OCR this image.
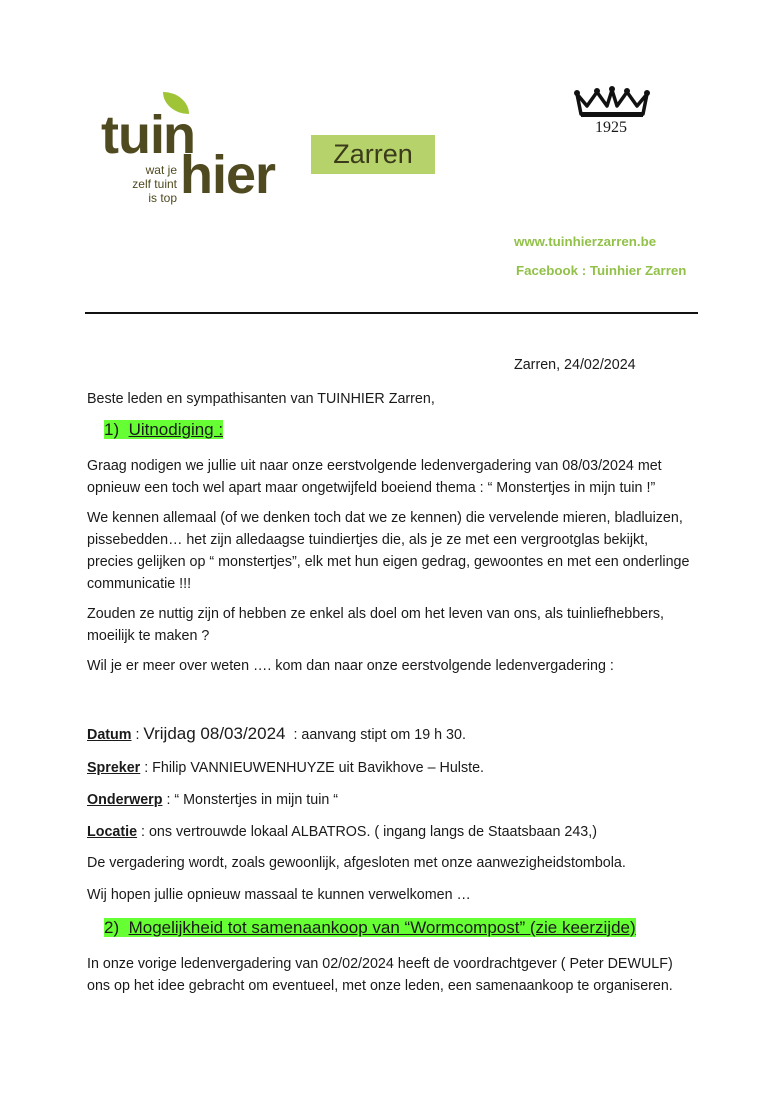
tui n
hier
wat je
zelf tuint
is top
Zarren
1925
www.tuinhierzarren.be
Facebook : Tuinhier Zarren
Zarren, 24/02/2024
Beste leden en sympathisanten van TUINHIER Zarren,
1) Uitnodiging :
Graag nodigen we jullie uit naar onze eerstvolgende ledenvergadering van 08/03/2024 met opnieuw een toch wel apart maar ongetwijfeld boeiend thema : “ Monstertjes in mijn tuin !”
We kennen allemaal (of we denken toch dat we ze kennen) die vervelende mieren, bladluizen, pissebedden… het zijn alledaagse tuindiertjes die, als je ze met een vergrootglas bekijkt, precies gelijken op “ monstertjes”, elk met hun eigen gedrag, gewoontes en met een onderlinge communicatie !!!
Zouden ze nuttig zijn of hebben ze enkel als doel om het leven van ons, als tuinliefhebbers, moeilijk te maken ?
Wil je er meer over weten …. kom dan naar onze eerstvolgende ledenvergadering :
Datum : Vrijdag 08/03/2024  : aanvang stipt om 19 h 30.
Spreker : Fhilip VANNIEUWENHUYZE uit Bavikhove – Hulste.
Onderwerp : “ Monstertjes in mijn tuin “
Locatie : ons vertrouwde lokaal ALBATROS. ( ingang langs de Staatsbaan 243,)
De vergadering wordt, zoals gewoonlijk, afgesloten met onze aanwezigheidstombola.
Wij hopen jullie opnieuw massaal te kunnen verwelkomen …
2) Mogelijkheid tot samenaankoop van “Wormcompost” (zie keerzijde)
In onze vorige ledenvergadering van 02/02/2024 heeft de voordrachtgever ( Peter DEWULF) ons op het idee gebracht om eventueel, met onze leden, een samenaankoop te organiseren.
